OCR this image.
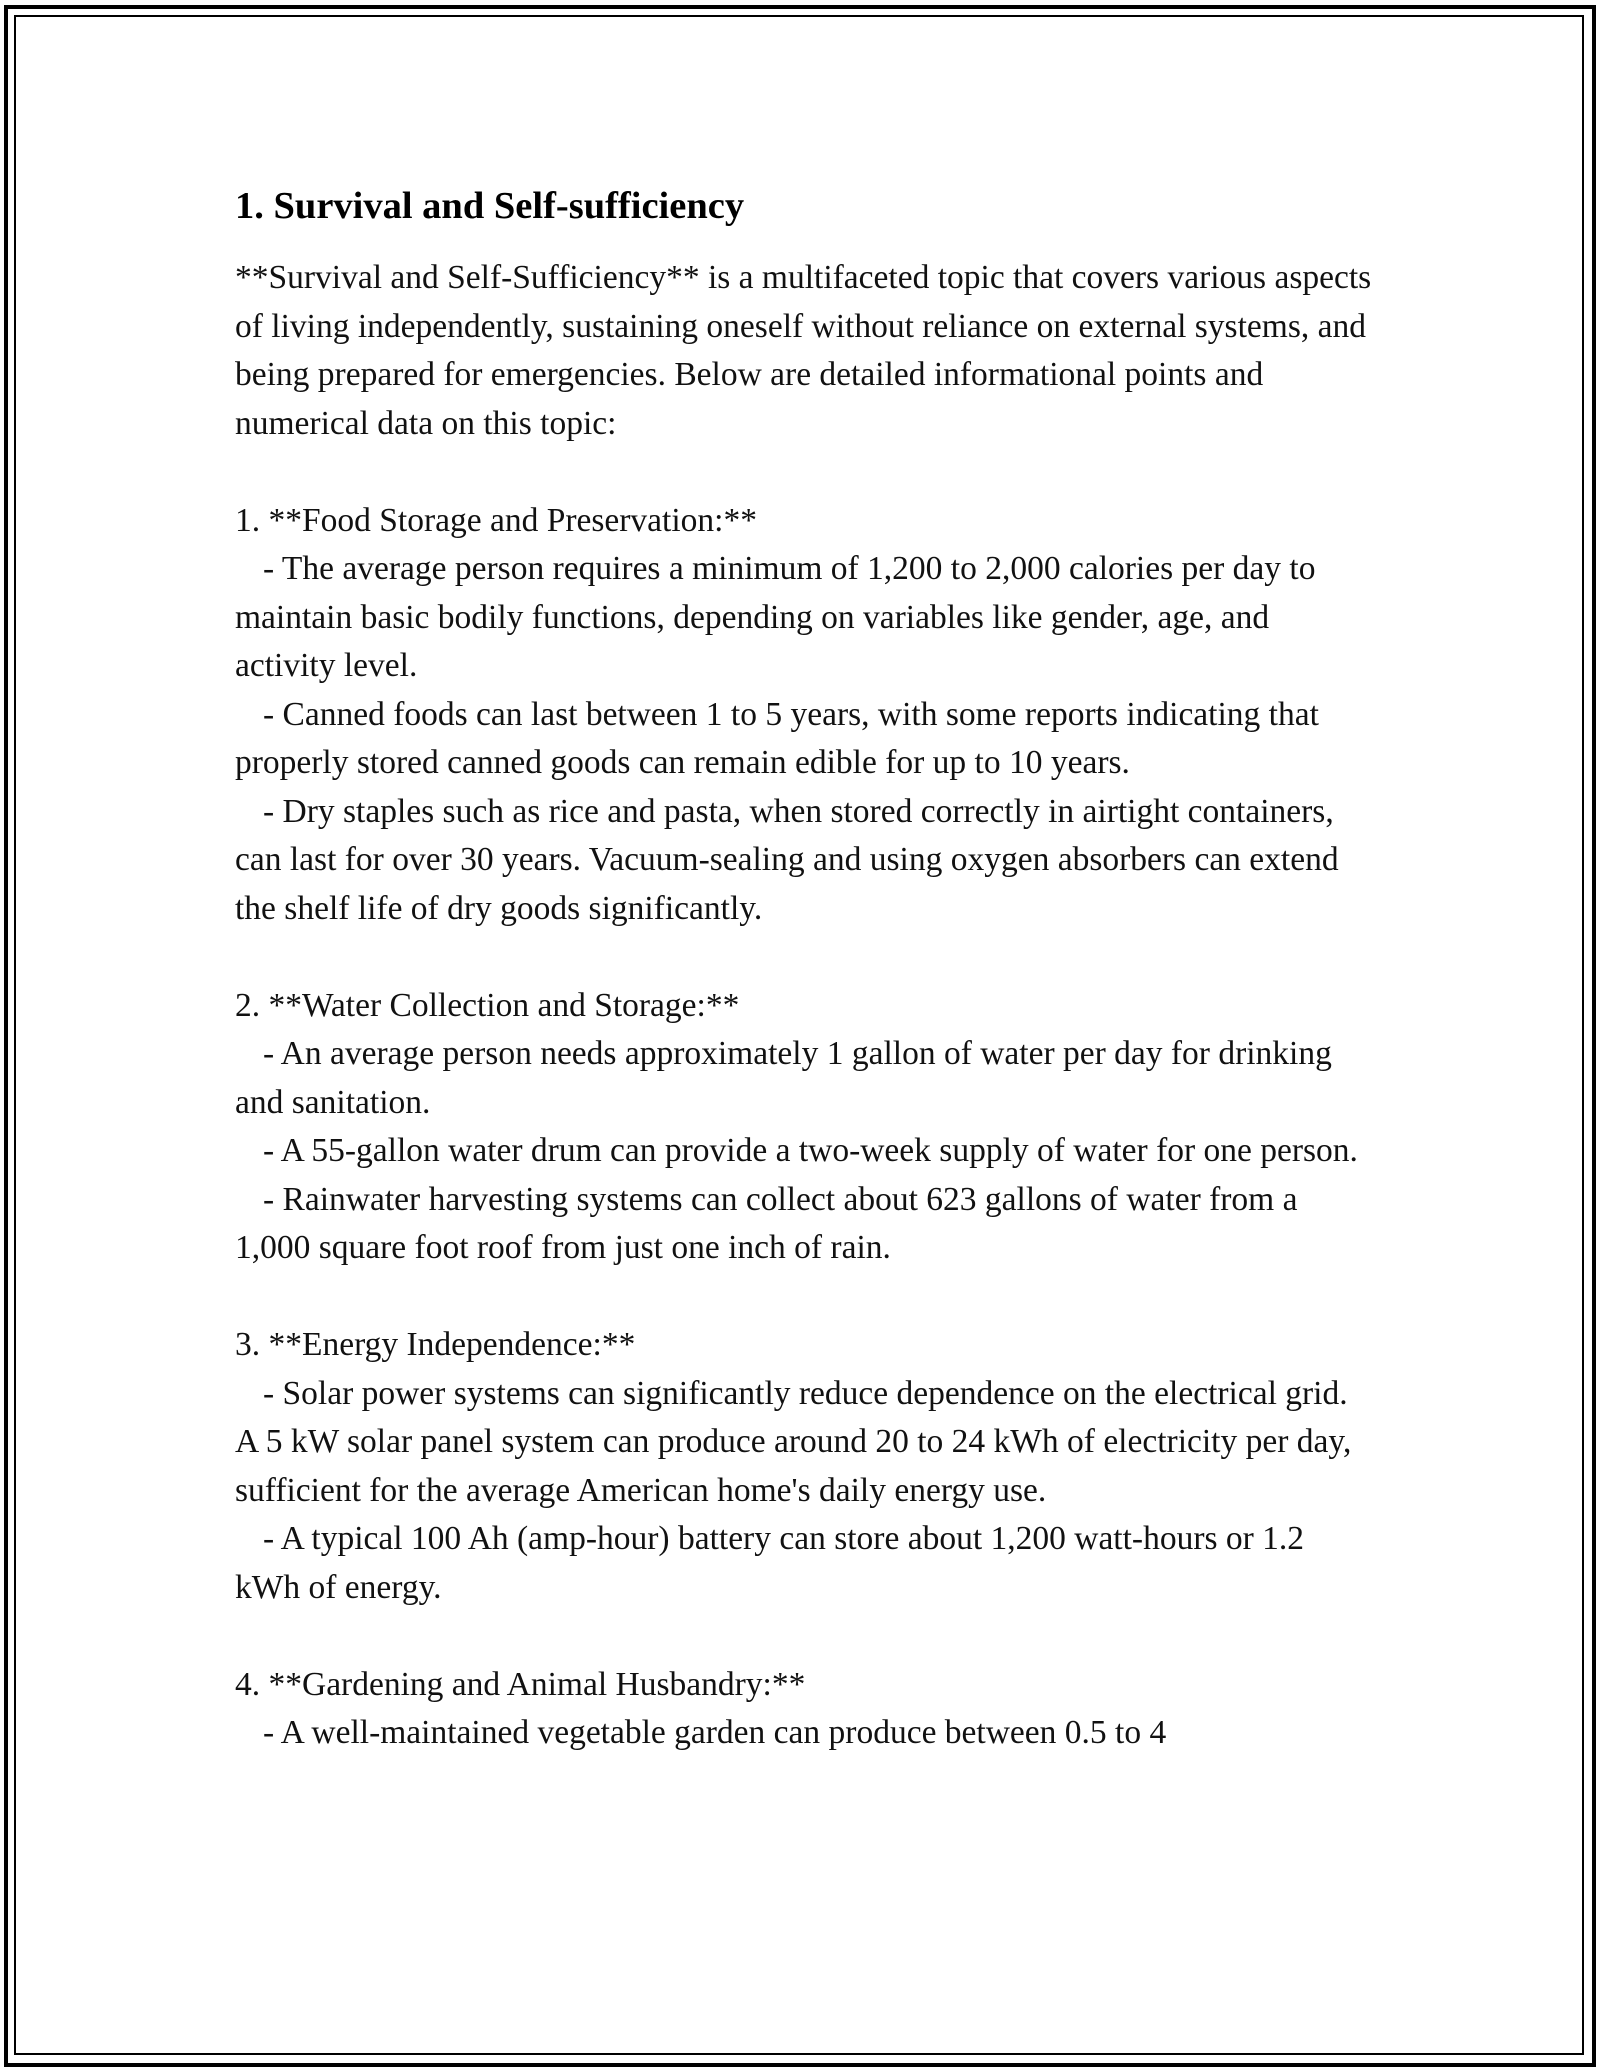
1. Survival and Self-sufficiency

**Survival and Self-Sufficiency** is a multifaceted topic that covers various aspects of living independently, sustaining oneself without reliance on external systems, and being prepared for emergencies. Below are detailed informational points and numerical data on this topic:

1. **Food Storage and Preservation:**

- The average person requires a minimum of 1,200 to 2,000 calories per day to maintain basic bodily functions, depending on variables like gender, age, and activity level.

- Canned foods can last between 1 to 5 years, with some reports indicating that properly stored canned goods can remain edible for up to 10 years.

- Dry staples such as rice and pasta, when stored correctly in airtight containers, can last for over 30 years. Vacuum-sealing and using oxygen absorbers can extend the shelf life of dry goods significantly.

2. **Water Collection and Storage:**

- An average person needs approximately 1 gallon of water per day for drinking and sanitation.

- A 55-gallon water drum can provide a two-week supply of water for one person.

- Rainwater harvesting systems can collect about 623 gallons of water from a 1,000 square foot roof from just one inch of rain.

3. **Energy Independence:**

- Solar power systems can significantly reduce dependence on the electrical grid. A 5 kW solar panel system can produce around 20 to 24 kWh of electricity per day, sufficient for the average American home's daily energy use.

- A typical 100 Ah (amp-hour) battery can store about 1,200 watt-hours or 1.2 kWh of energy.

4. **Gardening and Animal Husbandry:**

- A well-maintained vegetable garden can produce between 0.5 to 4
